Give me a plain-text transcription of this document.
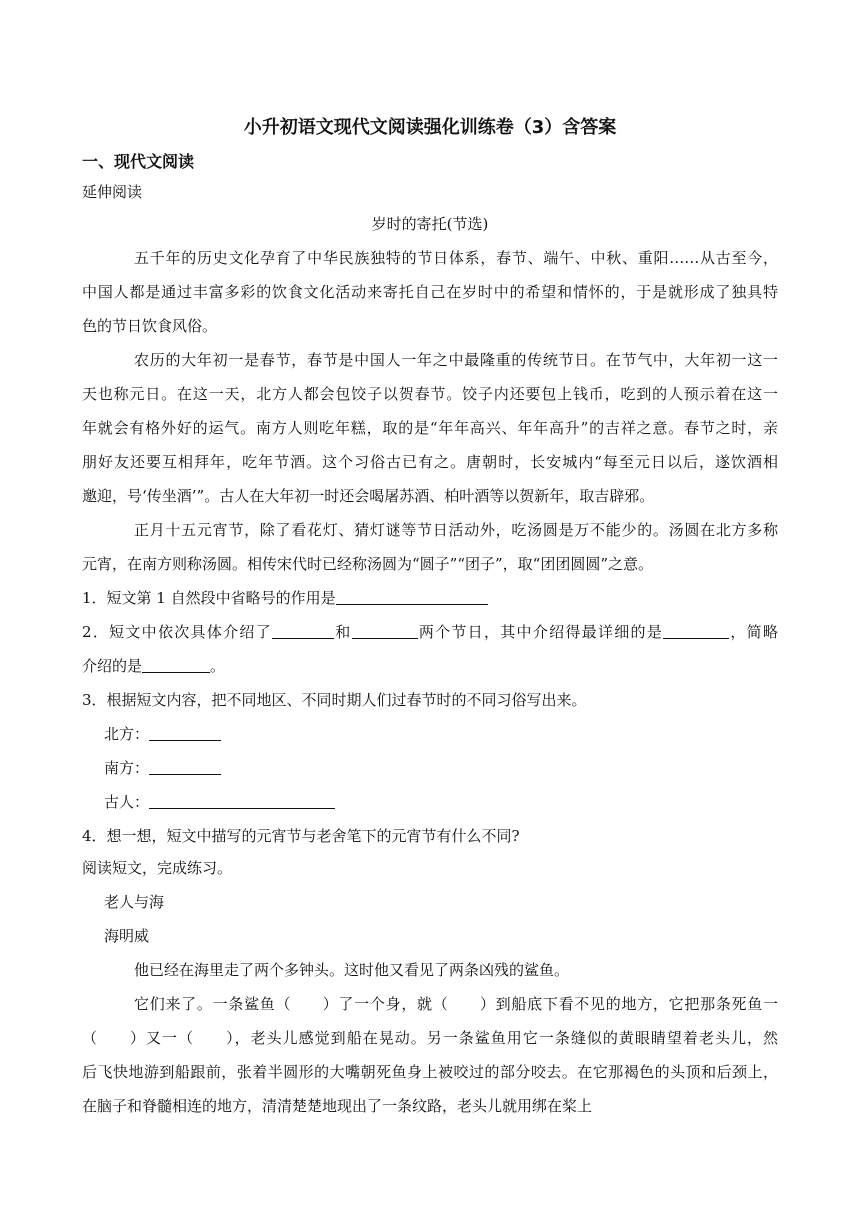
小升初语文现代文阅读强化训练卷（3）含答案
一、现代文阅读
延伸阅读
岁时的寄托(节选)
五千年的历史文化孕育了中华民族独特的节日体系，春节、端午、中秋、重阳……从古至今，
中国人都是通过丰富多彩的饮食文化活动来寄托自己在岁时中的希望和情怀的，于是就形成了独具特
色的节日饮食风俗。
农历的大年初一是春节，春节是中国人一年之中最隆重的传统节日。在节气中，大年初一这一
天也称元日。在这一天，北方人都会包饺子以贺春节。饺子内还要包上钱币，吃到的人预示着在这一
年就会有格外好的运气。南方人则吃年糕，取的是“年年高兴、年年高升”的吉祥之意。春节之时，亲
朋好友还要互相拜年，吃年节酒。这个习俗古已有之。唐朝时，长安城内“每至元日以后，遂饮酒相
邀迎，号‘传坐酒’”。古人在大年初一时还会喝屠苏酒、柏叶酒等以贺新年，取吉辟邪。
正月十五元宵节，除了看花灯、猜灯谜等节日活动外，吃汤圆是万不能少的。汤圆在北方多称
元宵，在南方则称汤圆。相传宋代时已经称汤圆为“圆子”“团子”，取“团团圆圆”之意。
1．短文第 1 自然段中省略号的作用是
2．短文中依次具体介绍了	和	两个节日，其中介绍得最详细的是	，简略
介绍的是	。
3．根据短文内容，把不同地区、不同时期人们过春节时的不同习俗写出来。
北方：
南方：
古人：
4．想一想，短文中描写的元宵节与老舍笔下的元宵节有什么不同?
阅读短文，完成练习。
老人与海
海明威
他已经在海里走了两个多钟头。这时他又看见了两条凶残的鲨鱼。
它们来了。一条鲨鱼（　　）了一个身，就（　　）到船底下看不见的地方，它把那条死鱼一
（　　）又一（　　），老头儿感觉到船在晃动。另一条鲨鱼用它一条缝似的黄眼睛望着老头儿，然
后飞快地游到船跟前，张着半圆形的大嘴朝死鱼身上被咬过的部分咬去。在它那褐色的头顶和后颈上，
在脑子和脊髓相连的地方，清清楚楚地现出了一条纹路，老头儿就用绑在桨上
